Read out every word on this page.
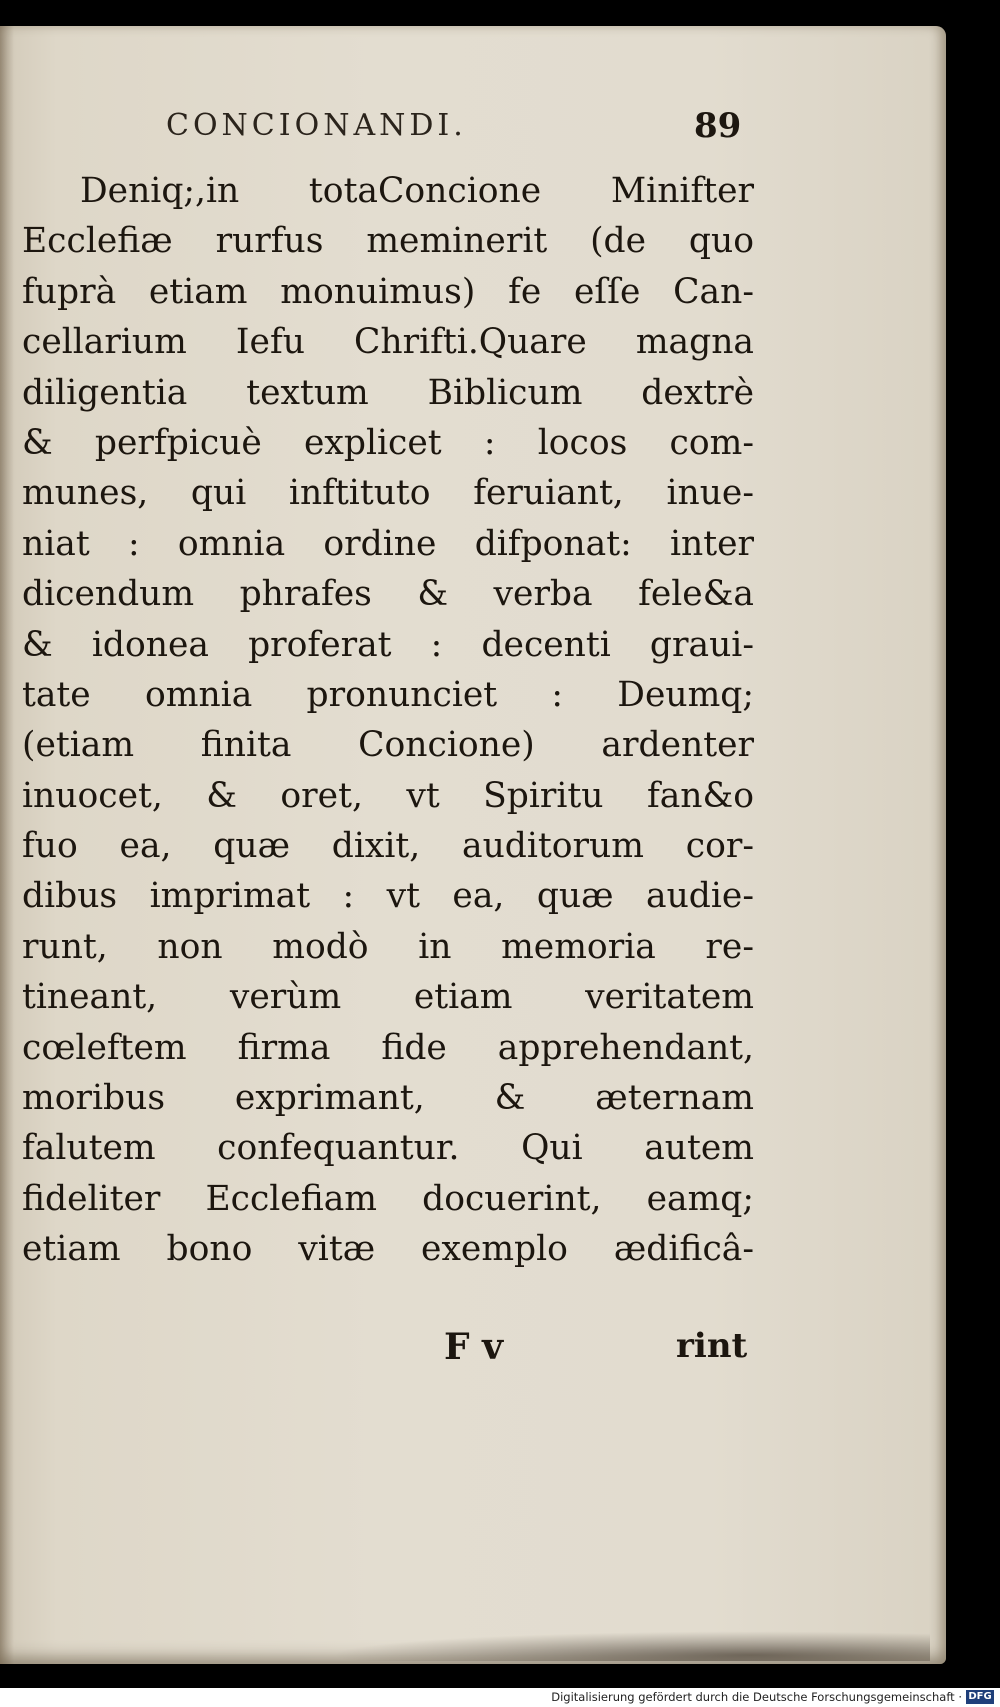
CONCIONANDI.	89
Deniq;,in totaConcione Minifter
Ecclefiæ rurfus meminerit (de quo
fuprà etiam monuimus) fe eſſe Can-
cellarium Iefu Chrifti.Quare magna
diligentia textum Biblicum dextrè
& perfpicuè explicet : locos com-
munes, qui inftituto feruiant, inue-
niat : omnia ordine difponat: inter
dicendum phrafes & verba fele&a
& idonea proferat : decenti graui-
tate omnia pronunciet : Deumq;
(etiam finita Concione) ardenter
inuocet, & oret, vt Spiritu fan&o
fuo ea, quæ dixit, auditorum cor-
dibus imprimat : vt ea, quæ audie-
runt, non modò in memoria re-
tineant, verùm etiam veritatem
cœleftem firma fide apprehendant,
moribus exprimant, & æternam
falutem confequantur. Qui autem
fideliter Ecclefiam docuerint, eamq;
etiam bono vitæ exemplo ædificâ-
F v	rint
Digitalisierung gefördert durch die Deutsche Forschungsgemeinschaft · DFG
